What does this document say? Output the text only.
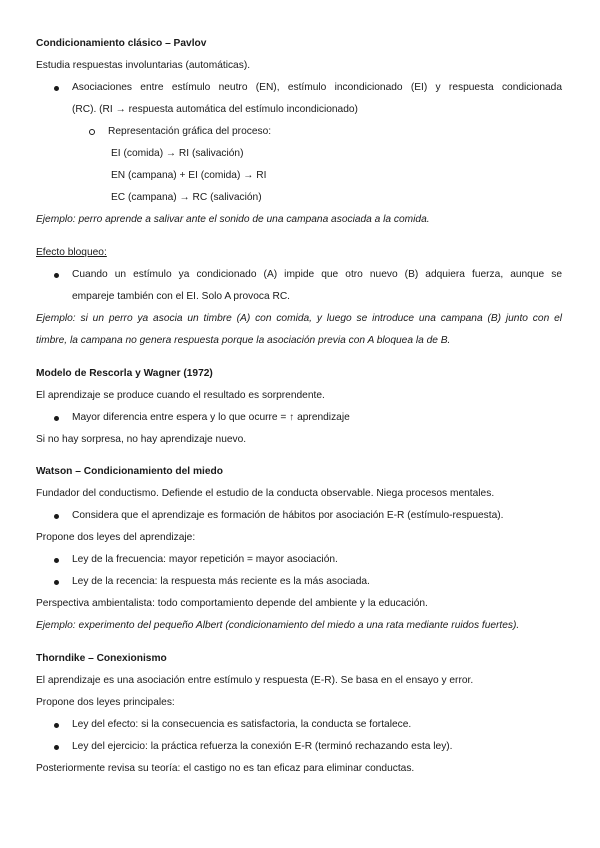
Condicionamiento clásico – Pavlov
Estudia respuestas involuntarias (automáticas).
Asociaciones entre estímulo neutro (EN), estímulo incondicionado (EI) y respuesta condicionada
(RC). (RI → respuesta automática del estímulo incondicionado)
Representación gráfica del proceso:
EI (comida) → RI (salivación)
EN (campana) + EI (comida) → RI
EC (campana) → RC (salivación)
Ejemplo: perro aprende a salivar ante el sonido de una campana asociada a la comida.
Efecto bloqueo:
Cuando un estímulo ya condicionado (A) impide que otro nuevo (B) adquiera fuerza, aunque se
empareje también con el EI. Solo A provoca RC.
Ejemplo: si un perro ya asocia un timbre (A) con comida, y luego se introduce una campana (B) junto con el
timbre, la campana no genera respuesta porque la asociación previa con A bloquea la de B.
Modelo de Rescorla y Wagner (1972)
El aprendizaje se produce cuando el resultado es sorprendente.
Mayor diferencia entre espera y lo que ocurre = ↑ aprendizaje
Si no hay sorpresa, no hay aprendizaje nuevo.
Watson – Condicionamiento del miedo
Fundador del conductismo. Defiende el estudio de la conducta observable. Niega procesos mentales.
Considera que el aprendizaje es formación de hábitos por asociación E-R (estímulo-respuesta).
Propone dos leyes del aprendizaje:
Ley de la frecuencia: mayor repetición = mayor asociación.
Ley de la recencia: la respuesta más reciente es la más asociada.
Perspectiva ambientalista: todo comportamiento depende del ambiente y la educación.
Ejemplo: experimento del pequeño Albert (condicionamiento del miedo a una rata mediante ruidos fuertes).
Thorndike – Conexionismo
El aprendizaje es una asociación entre estímulo y respuesta (E-R). Se basa en el ensayo y error.
Propone dos leyes principales:
Ley del efecto: si la consecuencia es satisfactoria, la conducta se fortalece.
Ley del ejercicio: la práctica refuerza la conexión E-R (terminó rechazando esta ley).
Posteriormente revisa su teoría: el castigo no es tan eficaz para eliminar conductas.
